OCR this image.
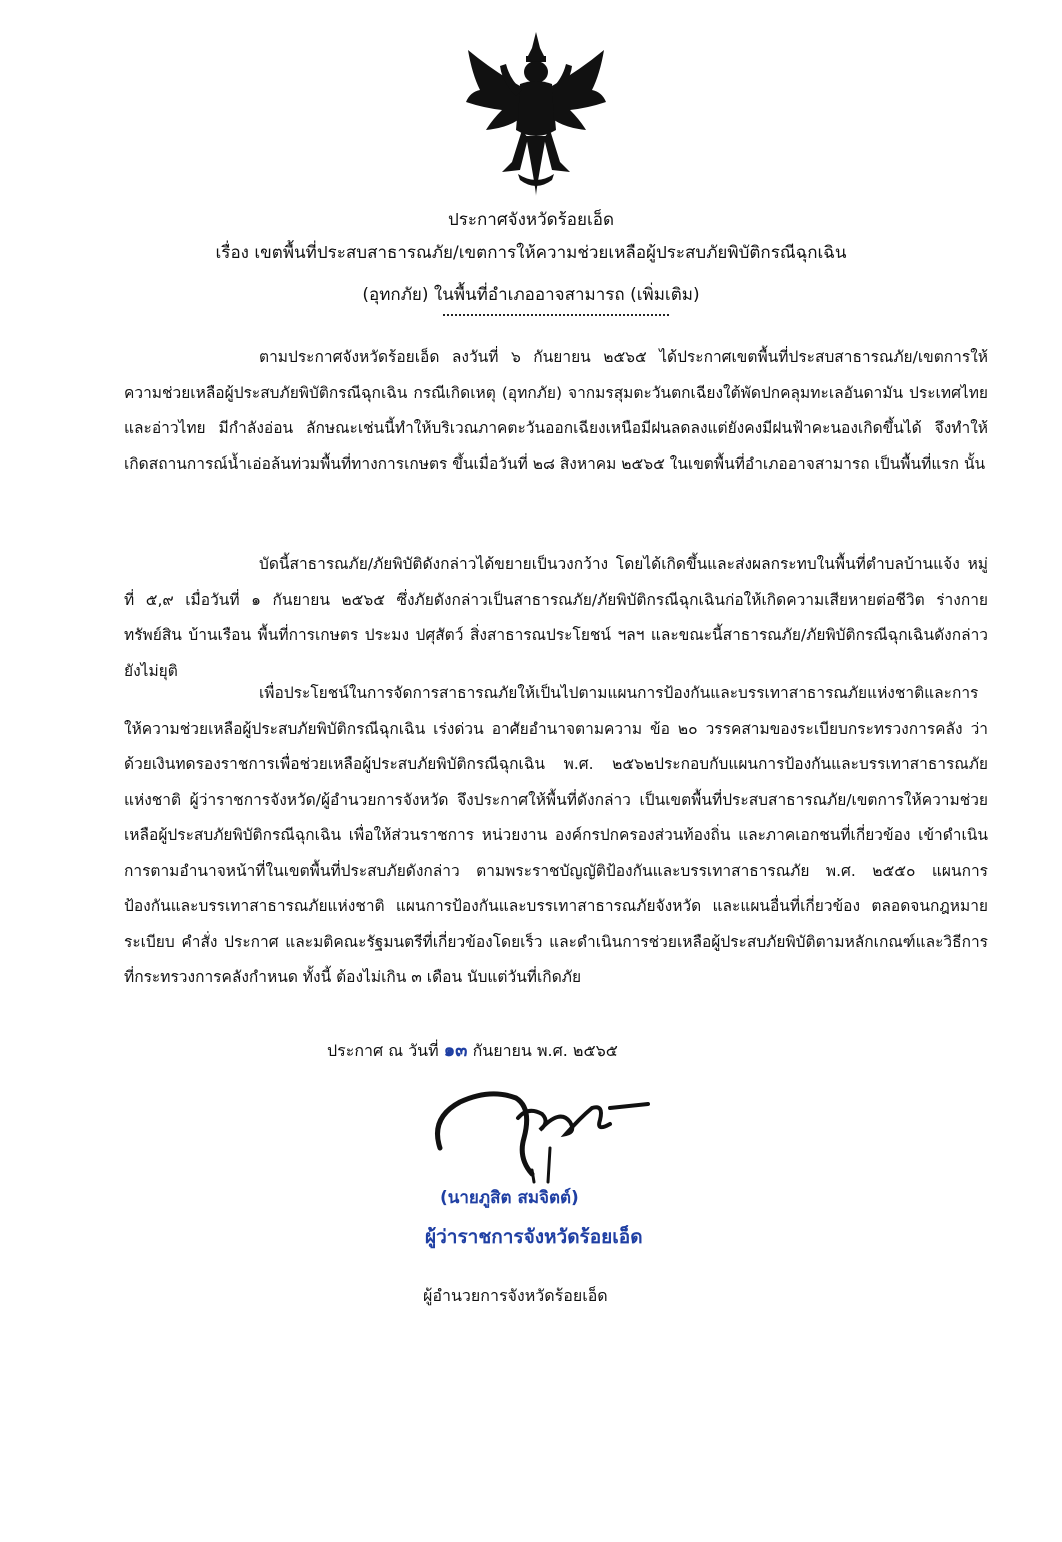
ประกาศจังหวัดร้อยเอ็ด
เรื่อง เขตพื้นที่ประสบสาธารณภัย/เขตการให้ความช่วยเหลือผู้ประสบภัยพิบัติกรณีฉุกเฉิน
(อุทกภัย) ในพื้นที่อำเภออาจสามารถ (เพิ่มเติม)

ตามประกาศจังหวัดร้อยเอ็ด ลงวันที่ ๖ กันยายน ๒๕๖๕ ได้ประกาศเขตพื้นที่ประสบสาธารณภัย/เขตการให้ความช่วยเหลือผู้ประสบภัยพิบัติกรณีฉุกเฉิน กรณีเกิดเหตุ (อุทกภัย) จากมรสุมตะวันตกเฉียงใต้พัดปกคลุมทะเลอันดามัน ประเทศไทย และอ่าวไทย มีกำลังอ่อน ลักษณะเช่นนี้ทำให้บริเวณภาคตะวันออกเฉียงเหนือมีฝนลดลงแต่ยังคงมีฝนฟ้าคะนองเกิดขึ้นได้ จึงทำให้เกิดสถานการณ์น้ำเอ่อล้นท่วมพื้นที่ทางการเกษตร ขึ้นเมื่อวันที่ ๒๘ สิงหาคม ๒๕๖๕ ในเขตพื้นที่อำเภออาจสามารถ เป็นพื้นที่แรก นั้น

บัดนี้สาธารณภัย/ภัยพิบัติดังกล่าวได้ขยายเป็นวงกว้าง โดยได้เกิดขึ้นและส่งผลกระทบในพื้นที่ตำบลบ้านแจ้ง หมู่ที่ ๕,๙ เมื่อวันที่ ๑ กันยายน ๒๕๖๕ ซึ่งภัยดังกล่าวเป็นสาธารณภัย/ภัยพิบัติกรณีฉุกเฉินก่อให้เกิดความเสียหายต่อชีวิต ร่างกาย ทรัพย์สิน บ้านเรือน พื้นที่การเกษตร ประมง ปศุสัตว์ สิ่งสาธารณประโยชน์ ฯลฯ และขณะนี้สาธารณภัย/ภัยพิบัติกรณีฉุกเฉินดังกล่าวยังไม่ยุติ

เพื่อประโยชน์ในการจัดการสาธารณภัยให้เป็นไปตามแผนการป้องกันและบรรเทาสาธารณภัยแห่งชาติและการให้ความช่วยเหลือผู้ประสบภัยพิบัติกรณีฉุกเฉิน เร่งด่วน อาศัยอำนาจตามความ ข้อ ๒๐ วรรคสามของระเบียบกระทรวงการคลัง ว่าด้วยเงินทดรองราชการเพื่อช่วยเหลือผู้ประสบภัยพิบัติกรณีฉุกเฉิน พ.ศ. ๒๕๖๒ประกอบกับแผนการป้องกันและบรรเทาสาธารณภัยแห่งชาติ ผู้ว่าราชการจังหวัด/ผู้อำนวยการจังหวัด จึงประกาศให้พื้นที่ดังกล่าว เป็นเขตพื้นที่ประสบสาธารณภัย/เขตการให้ความช่วยเหลือผู้ประสบภัยพิบัติกรณีฉุกเฉิน เพื่อให้ส่วนราชการ หน่วยงาน องค์กรปกครองส่วนท้องถิ่น และภาคเอกชนที่เกี่ยวข้อง เข้าดำเนินการตามอำนาจหน้าที่ในเขตพื้นที่ประสบภัยดังกล่าว ตามพระราชบัญญัติป้องกันและบรรเทาสาธารณภัย พ.ศ. ๒๕๕๐ แผนการป้องกันและบรรเทาสาธารณภัยแห่งชาติ แผนการป้องกันและบรรเทาสาธารณภัยจังหวัด และแผนอื่นที่เกี่ยวข้อง ตลอดจนกฎหมาย ระเบียบ คำสั่ง ประกาศ และมติคณะรัฐมนตรีที่เกี่ยวข้องโดยเร็ว และดำเนินการช่วยเหลือผู้ประสบภัยพิบัติตามหลักเกณฑ์และวิธีการที่กระทรวงการคลังกำหนด ทั้งนี้ ต้องไม่เกิน ๓ เดือน นับแต่วันที่เกิดภัย

ประกาศ ณ วันที่ ๑๓ กันยายน พ.ศ. ๒๕๖๕
(นายภูสิต สมจิตต์)
ผู้ว่าราชการจังหวัดร้อยเอ็ด
ผู้อำนวยการจังหวัดร้อยเอ็ด
